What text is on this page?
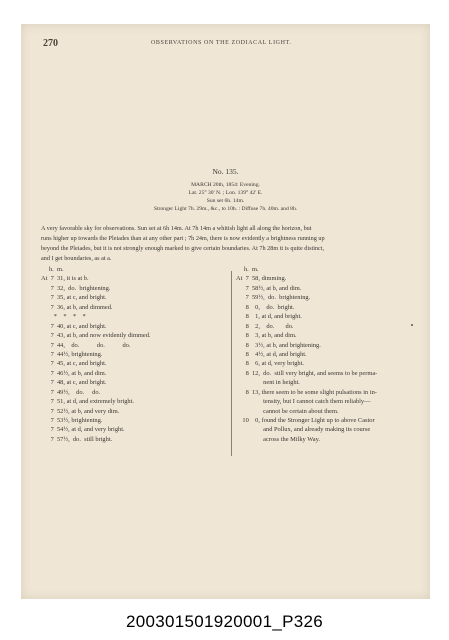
270	OBSERVATIONS ON THE ZODIACAL LIGHT.
No. 135.
MARCH 20th, 1854: Evening.
Lat. 25° 30' N. ; Lon. 139° 42' E.
Sun set 6h. 14m.
Stronger Light 7h. 29m., &c., to 10h. : Diffuse 7h. 40m. and 8h.
A very favorable sky for observations. Sun set at 6h 14m. At 7h 14m a whitish light all along the horizon, but
runs higher up towards the Pleiades than at any other part ; 7h 24m, there is now evidently a brightness running up
beyond the Pleiades, but it is not strongly enough marked to give certain boundaries. At 7h 28m it is quite distinct,
and I get boundaries, as at a.
h.  m.
At  7  31, it is at b.
7  32,  do.  brightening.
7  35, at c, and bright.
7  36, at b, and dimmed.
*    *    *    *
7  40, at c, and bright.
7  43, at b, and now evidently dimmed.
7  44,    do.           do.           do.
7  44½, brightening.
7  45, at c, and bright.
7  46½, at b, and dim.
7  48, at c, and bright.
7  49½,    do.     do.
7  51, at d, and extremely bright.
7  52½, at b, and very dim.
7  53½, brightening.
7  54½, at d, and very bright.
7  57½,  do.  still bright.
h.  m.
At  7  58, dimming.
7  58½, at b, and dim.
7  59½,  do.  brightening.
8    0,    do.  bright.
8    1, at d, and bright.
8    2,    do.       do.
8    3, at b, and dim.
8    3½, at b, and brightening.
8    4½, at d, and bright.
8    6, at d, very bright.
8  12,  do.  still very bright, and seems to be perma-
nent in height.
8  13, there seem to be some slight pulsations in in-
tensity, but I cannot catch them reliably—
cannot be certain about them.
10    0, found the Stronger Light up to above Castor
and Pollux, and already making its course
across the Milky Way.
20030150192000​1_P326
